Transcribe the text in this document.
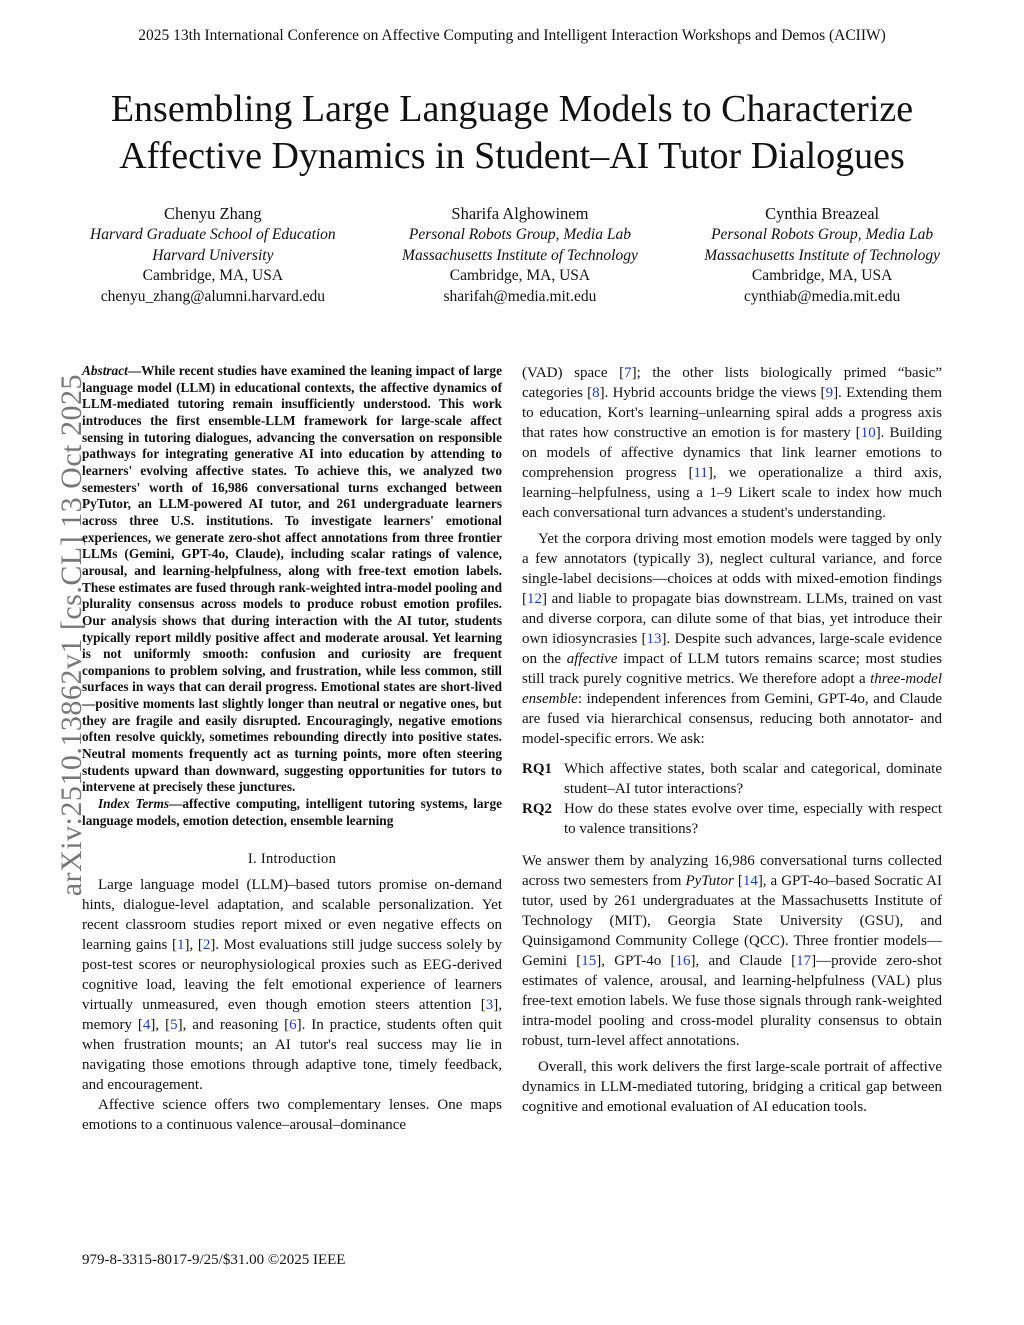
2025 13th International Conference on Affective Computing and Intelligent Interaction Workshops and Demos (ACIIW)
Ensembling Large Language Models to Characterize
Affective Dynamics in Student–AI Tutor Dialogues
Chenyu Zhang
Harvard Graduate School of Education
Harvard University
Cambridge, MA, USA
chenyu_zhang@alumni.harvard.edu
Sharifa Alghowinem
Personal Robots Group, Media Lab
Massachusetts Institute of Technology
Cambridge, MA, USA
sharifah@media.mit.edu
Cynthia Breazeal
Personal Robots Group, Media Lab
Massachusetts Institute of Technology
Cambridge, MA, USA
cynthiab@media.mit.edu
arXiv:2510.13862v1 [cs.CL] 13 Oct 2025

Abstract—While recent studies have examined the leaning impact of large language model (LLM) in educational contexts, the affective dynamics of LLM-mediated tutoring remain insufficiently understood. This work introduces the first ensemble-LLM framework for large-scale affect sensing in tutoring dialogues, advancing the conversation on responsible pathways for integrating generative AI into education by attending to learners' evolving affective states. To achieve this, we analyzed two semesters' worth of 16,986 conversational turns exchanged between PyTutor, an LLM-powered AI tutor, and 261 undergraduate learners across three U.S. institutions. To investigate learners' emotional experiences, we generate zero-shot affect annotations from three frontier LLMs (Gemini, GPT-4o, Claude), including scalar ratings of valence, arousal, and learning-helpfulness, along with free-text emotion labels. These estimates are fused through rank-weighted intra-model pooling and plurality consensus across models to produce robust emotion profiles. Our analysis shows that during interaction with the AI tutor, students typically report mildly positive affect and moderate arousal. Yet learning is not uniformly smooth: confusion and curiosity are frequent companions to problem solving, and frustration, while less common, still surfaces in ways that can derail progress. Emotional states are short-lived—positive moments last slightly longer than neutral or negative ones, but they are fragile and easily disrupted. Encouragingly, negative emotions often resolve quickly, sometimes rebounding directly into positive states. Neutral moments frequently act as turning points, more often steering students upward than downward, suggesting opportunities for tutors to intervene at precisely these junctures.

Index Terms—affective computing, intelligent tutoring systems, large language models, emotion detection, ensemble learning

I. Introduction

Large language model (LLM)–based tutors promise on-demand hints, dialogue-level adaptation, and scalable personalization. Yet recent classroom studies report mixed or even negative effects on learning gains [1], [2]. Most evaluations still judge success solely by post-test scores or neurophysiological proxies such as EEG-derived cognitive load, leaving the felt emotional experience of learners virtually unmeasured, even though emotion steers attention [3], memory [4], [5], and reasoning [6]. In practice, students often quit when frustration mounts; an AI tutor's real success may lie in navigating those emotions through adaptive tone, timely feedback, and encouragement.

Affective science offers two complementary lenses. One maps emotions to a continuous valence–arousal–dominance

(VAD) space [7]; the other lists biologically primed “basic” categories [8]. Hybrid accounts bridge the views [9]. Extending them to education, Kort's learning–unlearning spiral adds a progress axis that rates how constructive an emotion is for mastery [10]. Building on models of affective dynamics that link learner emotions to comprehension progress [11], we operationalize a third axis, learning–helpfulness, using a 1–9 Likert scale to index how much each conversational turn advances a student's understanding.

Yet the corpora driving most emotion models were tagged by only a few annotators (typically 3), neglect cultural variance, and force single-label decisions—choices at odds with mixed-emotion findings [12] and liable to propagate bias downstream. LLMs, trained on vast and diverse corpora, can dilute some of that bias, yet introduce their own idiosyncrasies [13]. Despite such advances, large-scale evidence on the affective impact of LLM tutors remains scarce; most studies still track purely cognitive metrics. We therefore adopt a three-model ensemble: independent inferences from Gemini, GPT-4o, and Claude are fused via hierarchical consensus, reducing both annotator- and model-specific errors. We ask:

RQ1 Which affective states, both scalar and categorical, dominate student–AI tutor interactions?
RQ2 How do these states evolve over time, especially with respect to valence transitions?

We answer them by analyzing 16,986 conversational turns collected across two semesters from PyTutor [14], a GPT-4o–based Socratic AI tutor, used by 261 undergraduates at the Massachusetts Institute of Technology (MIT), Georgia State University (GSU), and Quinsigamond Community College (QCC). Three frontier models—Gemini [15], GPT-4o [16], and Claude [17]—provide zero-shot estimates of valence, arousal, and learning-helpfulness (VAL) plus free-text emotion labels. We fuse those signals through rank-weighted intra-model pooling and cross-model plurality consensus to obtain robust, turn-level affect annotations.

Overall, this work delivers the first large-scale portrait of affective dynamics in LLM-mediated tutoring, bridging a critical gap between cognitive and emotional evaluation of AI education tools.

979-8-3315-8017-9/25/$31.00 ©2025 IEEE
